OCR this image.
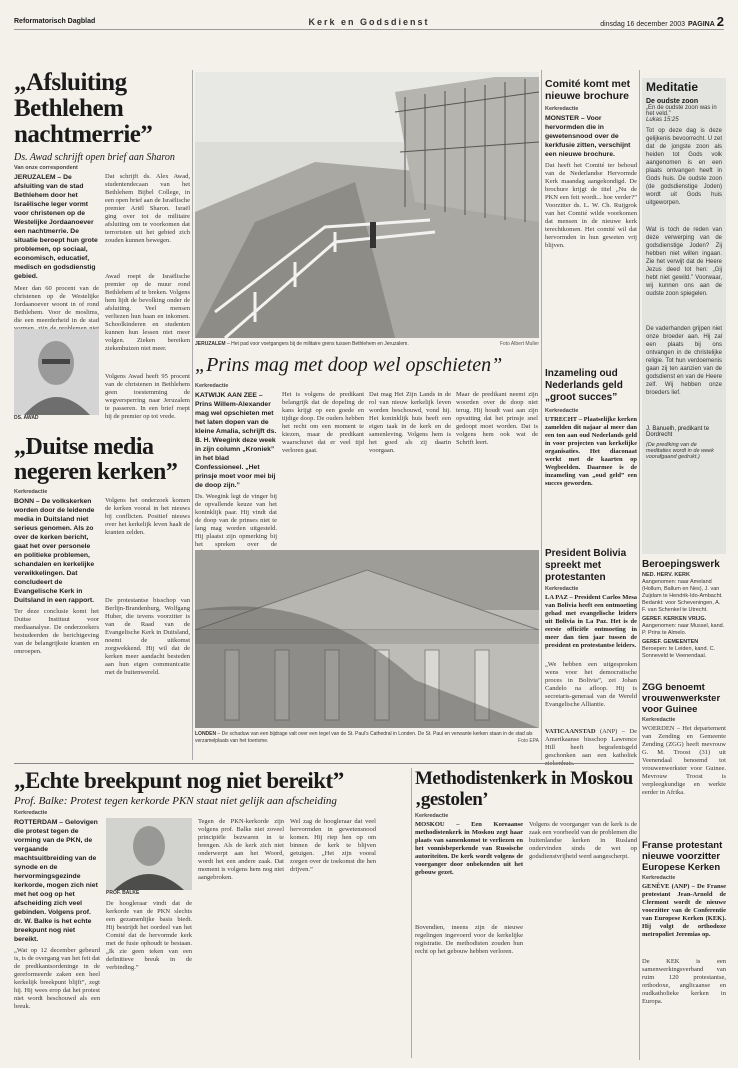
Reformatorisch Dagblad	Kerk en Godsdienst	dinsdag 16 december 2003 PAGINA 2
„Afsluiting Bethlehem nachtmerrie”
Ds. Awad schrijft open brief aan Sharon
Van onze correspondent
JERUZALEM – De afsluiting van de stad Bethlehem door het Israëlische leger vormt voor christenen op de Westelijke Jordaanoever een nachtmerrie. De situatie beroept hun grote problemen, op sociaal, economisch, educatief, medisch en godsdienstig gebied.
Meer dan 60 procent van de christenen op de Westelijke Jordaanoever woont in of rond Bethlehem. Voor de moslims, die een meerderheid in de stad
DS. AWAD
Dat schrijft ds. Alex Awad, studentendecaan van het Bethlehem Bijbel College, in een open brief aan de Israëlische premier Ariël Sharon. Israël ging over tot de militaire afsluiting om te voorkomen dat terroristen uit het gebied zich zouden kunnen bewegen.
Awad roept de Israëlische premier op de muur rond Bethlehem af te breken. Volgens hem lijdt de bevolking onder de afsluiting. Veel mensen verliezen hun baan en inkomen. Schoolkinderen en studenten kunnen hun lessen niet meer volgen. Zieken bereiken ziekenhuizen niet meer.
Volgens Awad heeft 95 procent van de christenen in Bethlehem geen toestemming de wegversperring naar Jeruzalem te passeren. In een brief roept hij de premier op tot vrede.
JERUZALEM – Het pad voor voetgangers bij de militaire grens tussen Bethlehem en Jeruzalem.	Foto Albert Muller
„Prins mag met doop wel opschieten”
Kerkredactie
KATWIJK AAN ZEE – Prins Willem-Alexander mag wel opschieten met het laten dopen van de kleine Amalia, schrijft ds. B. H. Weegink deze week in zijn column „Kroniek” in het blad Confessioneel. „Het prinsje moet voor mei bij de doop zijn.”
Ds. Weegink legt de vinger bij de opvallende keuze van het koninklijk paar. Hij vindt dat de doop van de prinses niet te lang mag worden uitgesteld. Hij plaatst zijn opmerking bij het spreken over de
Het is volgens de predikant belangrijk dat de dopeling de kans krijgt op een goede en tijdige doop. De ouders hebben het recht om een moment te kiezen, maar de predikant waarschuwt dat er veel tijd verloren gaat.
Dat mag Het Zijn Lands in de rol van nieuw kerkelijk leven worden beschouwd, vond hij. Het koninklijk huis heeft een eigen taak in de kerk en de samenleving. Volgens hem is het goed als zij daarin voorgaan.
Maar de predikant neemt zijn woorden over de doop niet terug. Hij houdt vast aan zijn opvatting dat het prinsje snel gedoopt moet worden. Dat is volgens hem ook wat de Schrift leert.
Comité komt met nieuwe brochure
Kerkredactie
MONSTER – Voor hervormden die in gewetensnood over de kerkfusie zitten, verschijnt een nieuwe brochure.
Dat heeft het Comité ter behoud van de Nederlandse Hervormde Kerk maandag aangekondigd. De brochure krijgt de titel „Nu de PKN een feit wordt... hoe verder?” Voorzitter ds. L. W. Ch. Ruijgrok van het Comité wilde voorkomen dat mensen in de nieuwe kerk terechtkomen. Het comité wil dat hervormden in hun geweten vrij blijven.
Inzameling oud Nederlands geld „groot succes”
Kerkredactie
UTRECHT – Plaatselijke kerken zamelden dit najaar al meer dan een ton aan oud Nederlands geld in voor projecten van kerkelijke organisaties. Het diaconaat werkt met de kaarten op Wegbeelden. Daarmee is de inzameling van „oud geld” een succes geworden.
Meditatie
De oudste zoon
„En de oudste zoon was in het veld.”
Lukas 15:25
Tot op deze dag is deze gelijkenis bevoorrecht. U zet dat de jongste zoon als heiden tot Gods volk aangenomen is en een plaats ontvangen heeft in Gods huis. De oudste zoon (de godsdienstige Joden) wordt uit Gods huis uitgeworpen.
Wat is toch de reden van deze verwerping van de godsdienstige Joden? Zij hebben niet willen ingaan. Zie het verwijt dat de Heere Jezus deed tot hen: „Gij hebt niet gewild.” Voorwaar, wij kunnen ons aan de oudste zoon spiegelen.
De vaderhanden grijpen niet onze broeder aan. Hij zal een plaats bij ons ontvangen in de christelijke religie. Tot hun verdoemenis gaan zij ten aanzien van de godsdienst en van de Heere zelf. Wij hebben onze broeders lief.
J. Banuelh, predikant te Dordrecht
(De prediking van de meditaties wordt in de week voorafgaand gedrukt.)
Beroepingswerk
NED. HERV. KERK
Aangenomen: naar Ameland (Hollum, Ballum en Nes), J. van Zuijdam te Hendrik-Ido-Ambacht.
Bedankt: voor Scheveningen, A. F. van Schenkel te Utrecht.
GEREF. KERKEN VRIJG.
Aangenomen: naar Mussel, kand. P. Prins te Almelo.
GEREF. GEMEENTEN
Beroepen: te Leiden, kand. C. Sonneveld te Veenendaal.
ZGG benoemt vrouwenwerkster voor Guinee
Kerkredactie
WOERDEN – Het departement van Zending en Gemeente Zending (ZGG) heeft mevrouw G. M. Troost (31) uit Veenendaal benoemd tot vrouwenwerkster voor Guinee. Mevrouw Troost is verpleegkundige en werkte eerder in Afrika.
„Duitse media negeren kerken”
Kerkredactie
BONN – De volkskerken worden door de leidende media in Duitsland niet serieus genomen. Als zo over de kerken bericht, gaat het over personele en politieke problemen, schandalen en kerkelijke verwikkelingen. Dat concludeert de Evangelische Kerk in Duitsland in een rapport.
Ter deze conclusie komt het Duitse Instituut voor mediaanalyse. De onderzoekers bestudeerden de berichtgeving van de belangrijkste kranten en omroepen.
Volgens het onderzoek komen de kerken vooral in het nieuws bij conflicten. Positief nieuws over het kerkelijk leven haalt de kranten zelden.
De protestantse bisschop van Berlijn-Brandenburg, Wolfgang Huber, die tevens voorzitter is van de Raad van de Evangelische Kerk in Duitsland, noemt de uitkomst zorgwekkend. Hij wil dat de kerken meer aandacht besteden aan hun eigen communicatie met de buitenwereld.
LONDEN – De schaduw van een bijdrage valt over een tegel van de St. Paul's Cathedral in Londen. De St. Paul en verwante kerken staan in de stad als verzamelplaats van het toerisme.	Foto EPA
President Bolivia spreekt met protestanten
Kerkredactie
LA PAZ – President Carlos Mesa van Bolivia heeft een ontmoeting gehad met evangelische leiders uit Bolivia in La Paz. Het is de eerste officiële ontmoeting in meer dan tien jaar tussen de president en protestantse leiders.
„We hebben een uitgesproken wens voor het democratische proces in Bolivia”, zei Johan Candelo na afloop. Hij is secretaris-generaal van de Wereld Evangelische Alliantie.
VATICAANSTAD (ANP) – De Amerikaanse bisschop Lawrence Hill heeft begrafenisgeld geschonken aan een katholiek
„Echte breekpunt nog niet bereikt”
Prof. Balke: Protest tegen kerkorde PKN staat niet gelijk aan afscheiding
Kerkredactie
ROTTERDAM – Gelovigen die protest tegen de vorming van de PKN, de vergaande machtsuitbreiding van de synode en de hervormingsgezinde kerkorde, mogen zich niet met het oog op het afscheiding zich veel gebinden. Volgens prof. dr. W. Balke is het echte breekpunt nog niet bereikt.
„Wat op 12 december gebeurd is, is de overgang van het feit dat de predikantsordeninge in de gereformeerde zaken een heel kerkelijk breekpunt blijft”, zegt hij. Hij wees erop dat het protest niet wordt beschouwd als een breuk.
PROF. BALKE
De hoogleraar vindt dat de kerkorde van de PKN slechts een gezamenlijke basis biedt. Hij bestrijdt het oordeel van het Comité dat de hervormde kerk met de fusie ophoudt te bestaan. „Ik zie geen teken van een definitieve breuk in de verbinding.”
Tegen de PKN-kerkorde zijn volgens prof. Balke niet zoveel principiële bezwaren in te brengen. Als de kerk zich niet onderwerpt aan het Woord, wordt het een andere zaak. Dat moment is volgens hem nog niet aangebroken.
Wel zag de hoogleraar dat veel hervormden in gewetensnood komen. Hij riep hen op om binnen de kerk te blijven getuigen. „Het zijn vooral zorgen over de toekomst die hen drijven.”
Methodistenkerk in Moskou ‚gestolen’
Kerkredactie
MOSKOU – Een Koreaanse methodistenkerk in Moskou zegt haar plaats van samenkomst te verliezen en het vonnisbeperkende van Russische autoriteiten. De kerk wordt volgens de voorganger door onbekenden uit het gebouw gezet.
Bovendien, ineens zijn de nieuwe regelingen ingevoerd voor de kerkelijke registratie. De methodisten zouden hun recht op het gebouw hebben verloren.
Volgens de voorganger van de kerk is de zaak een voorbeeld van de problemen die buitenlandse kerken in Rusland ondervinden sinds de wet op godsdienstvrijheid werd aangescherpt.
Franse protestant nieuwe voorzitter Europese Kerken
Kerkredactie
GENÈVE (ANP) – De Franse protestant Jean-Arnold de Clermont wordt de nieuwe voorzitter van de Conferentie van Europese Kerken (KEK). Hij volgt de orthodoxe metropoliet Jeremias op.
De KEK is een samenwerkingsverband van ruim 120 protestantse, orthodoxe, anglicaanse en oudkatholieke kerken in Europa.
